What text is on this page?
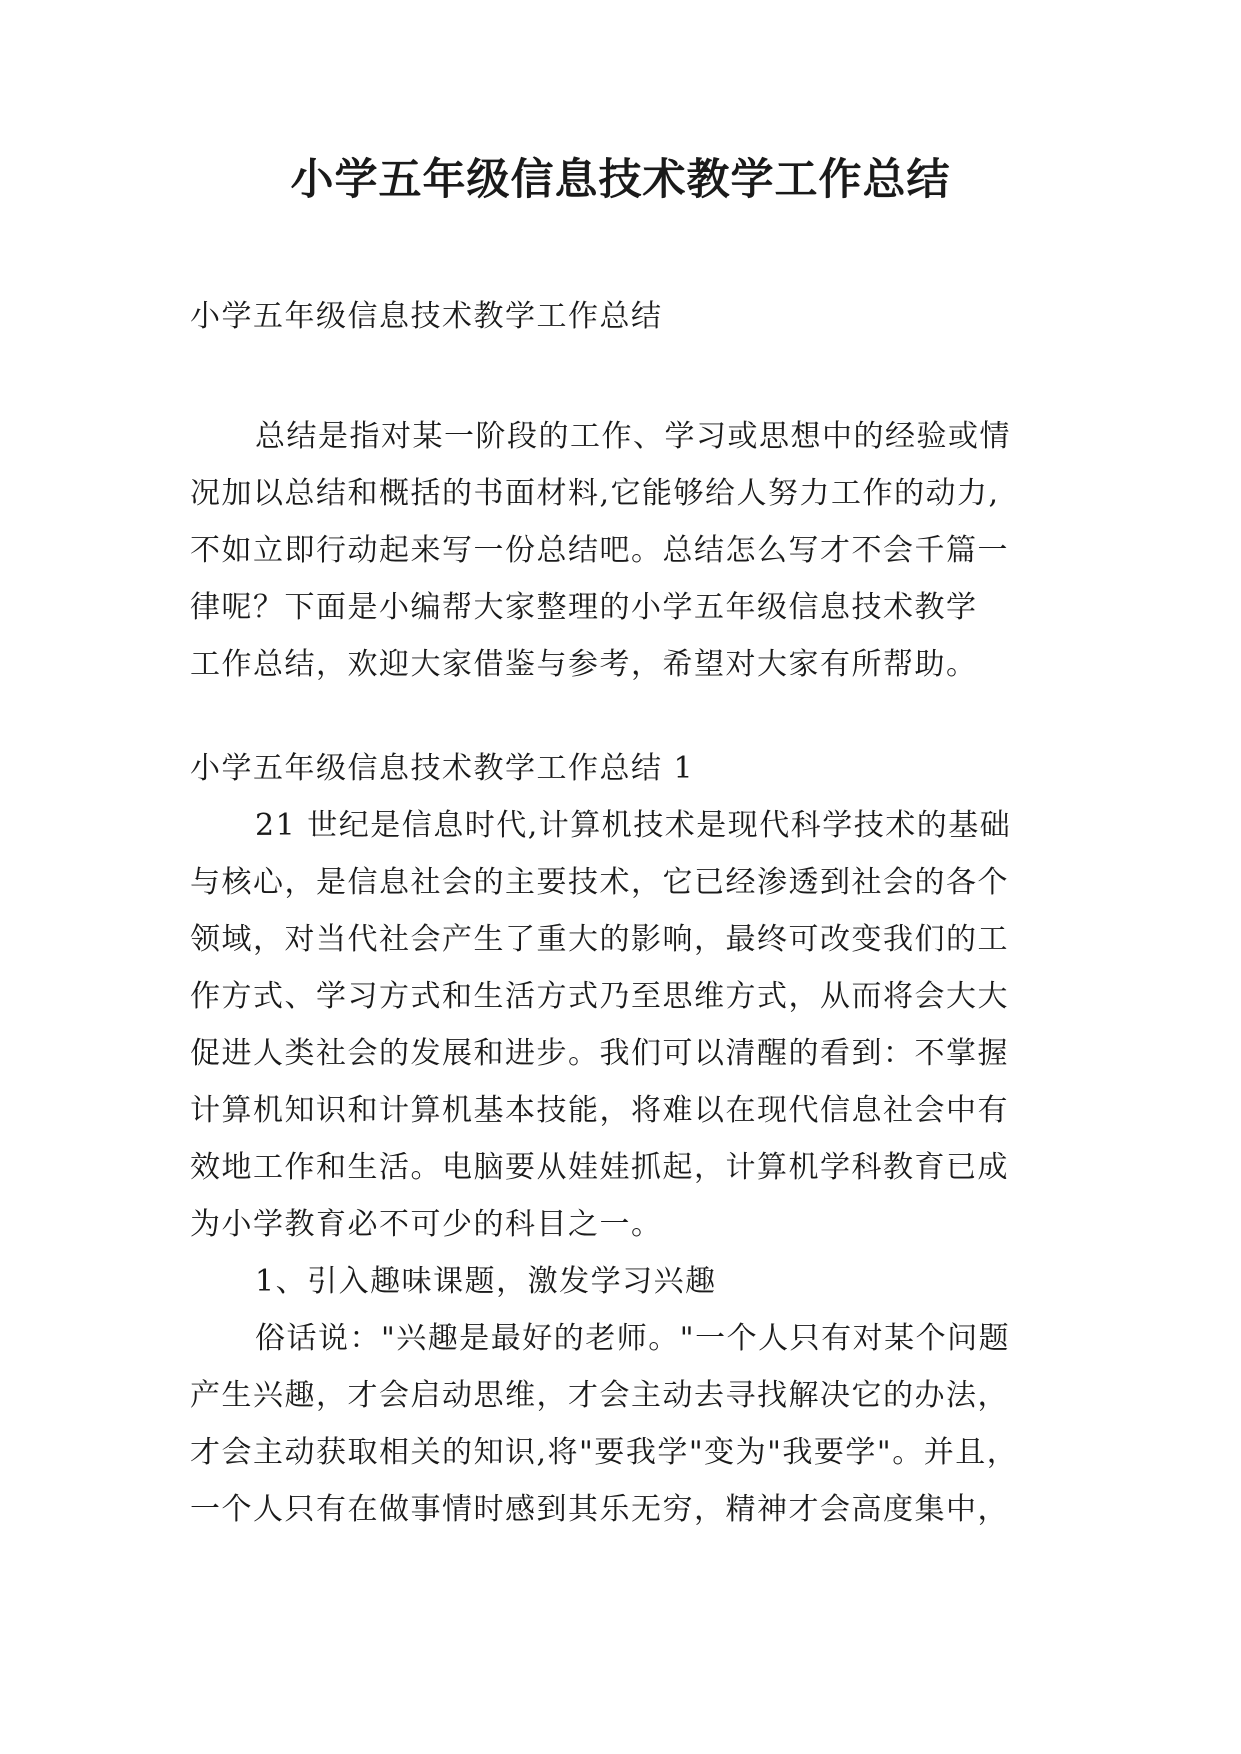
小学五年级信息技术教学工作总结
小学五年级信息技术教学工作总结
总结是指对某一阶段的工作、学习或思想中的经验或情
况加以总结和概括的书面材料,它能够给人努力工作的动力,
不如立即行动起来写一份总结吧。总结怎么写才不会千篇一
律呢？下面是小编帮大家整理的小学五年级信息技术教学
工作总结，欢迎大家借鉴与参考，希望对大家有所帮助。
小学五年级信息技术教学工作总结 1
21 世纪是信息时代,计算机技术是现代科学技术的基础
与核心，是信息社会的主要技术，它已经渗透到社会的各个
领域，对当代社会产生了重大的影响，最终可改变我们的工
作方式、学习方式和生活方式乃至思维方式，从而将会大大
促进人类社会的发展和进步。我们可以清醒的看到：不掌握
计算机知识和计算机基本技能，将难以在现代信息社会中有
效地工作和生活。电脑要从娃娃抓起，计算机学科教育已成
为小学教育必不可少的科目之一。
1、引入趣味课题，激发学习兴趣
俗话说："兴趣是最好的老师。"一个人只有对某个问题
产生兴趣，才会启动思维，才会主动去寻找解决它的办法，
才会主动获取相关的知识,将"要我学"变为"我要学"。并且，
一个人只有在做事情时感到其乐无穷，精神才会高度集中，
